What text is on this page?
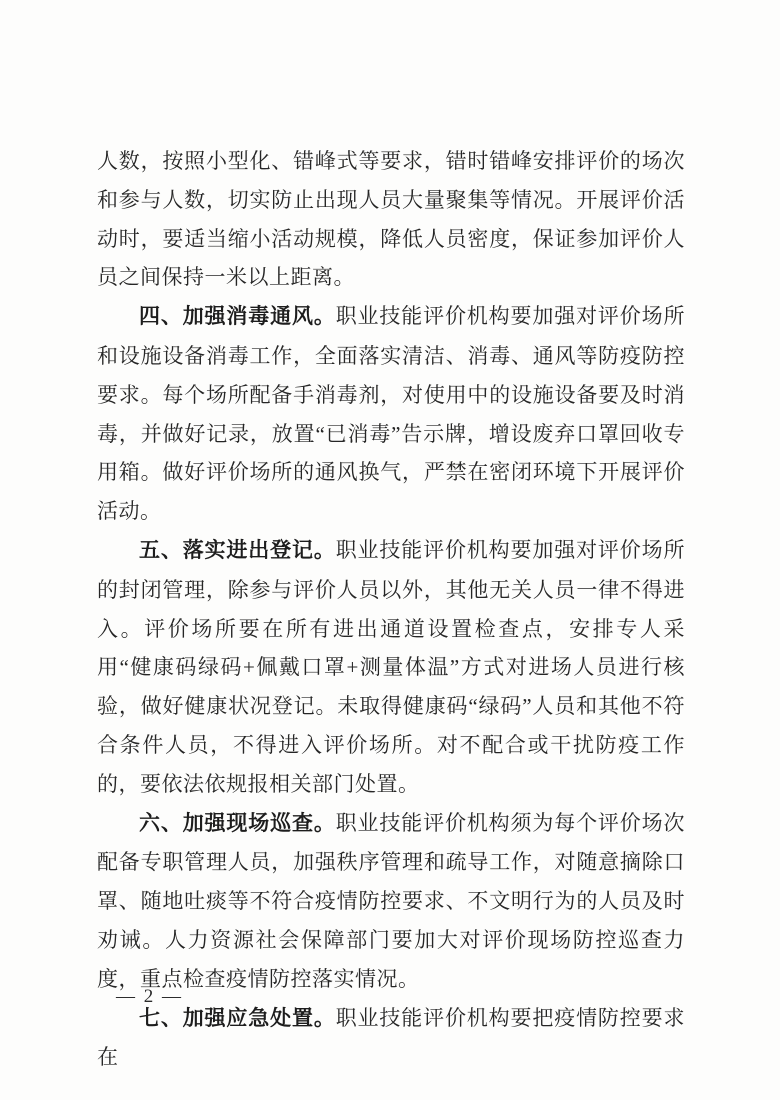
人数，按照小型化、错峰式等要求，错时错峰安排评价的场次和参与人数，切实防止出现人员大量聚集等情况。开展评价活动时，要适当缩小活动规模，降低人员密度，保证参加评价人员之间保持一米以上距离。

四、加强消毒通风。职业技能评价机构要加强对评价场所和设施设备消毒工作，全面落实清洁、消毒、通风等防疫防控要求。每个场所配备手消毒剂，对使用中的设施设备要及时消毒，并做好记录，放置“已消毒”告示牌，增设废弃口罩回收专用箱。做好评价场所的通风换气，严禁在密闭环境下开展评价活动。

五、落实进出登记。职业技能评价机构要加强对评价场所的封闭管理，除参与评价人员以外，其他无关人员一律不得进入。评价场所要在所有进出通道设置检查点，安排专人采用“健康码绿码+佩戴口罩+测量体温”方式对进场人员进行核验，做好健康状况登记。未取得健康码“绿码”人员和其他不符合条件人员，不得进入评价场所。对不配合或干扰防疫工作的，要依法依规报相关部门处置。

六、加强现场巡查。职业技能评价机构须为每个评价场次配备专职管理人员，加强秩序管理和疏导工作，对随意摘除口罩、随地吐痰等不符合疫情防控要求、不文明行为的人员及时劝诫。人力资源社会保障部门要加大对评价现场防控巡查力度，重点检查疫情防控落实情况。

七、加强应急处置。职业技能评价机构要把疫情防控要求在

— 2 —
